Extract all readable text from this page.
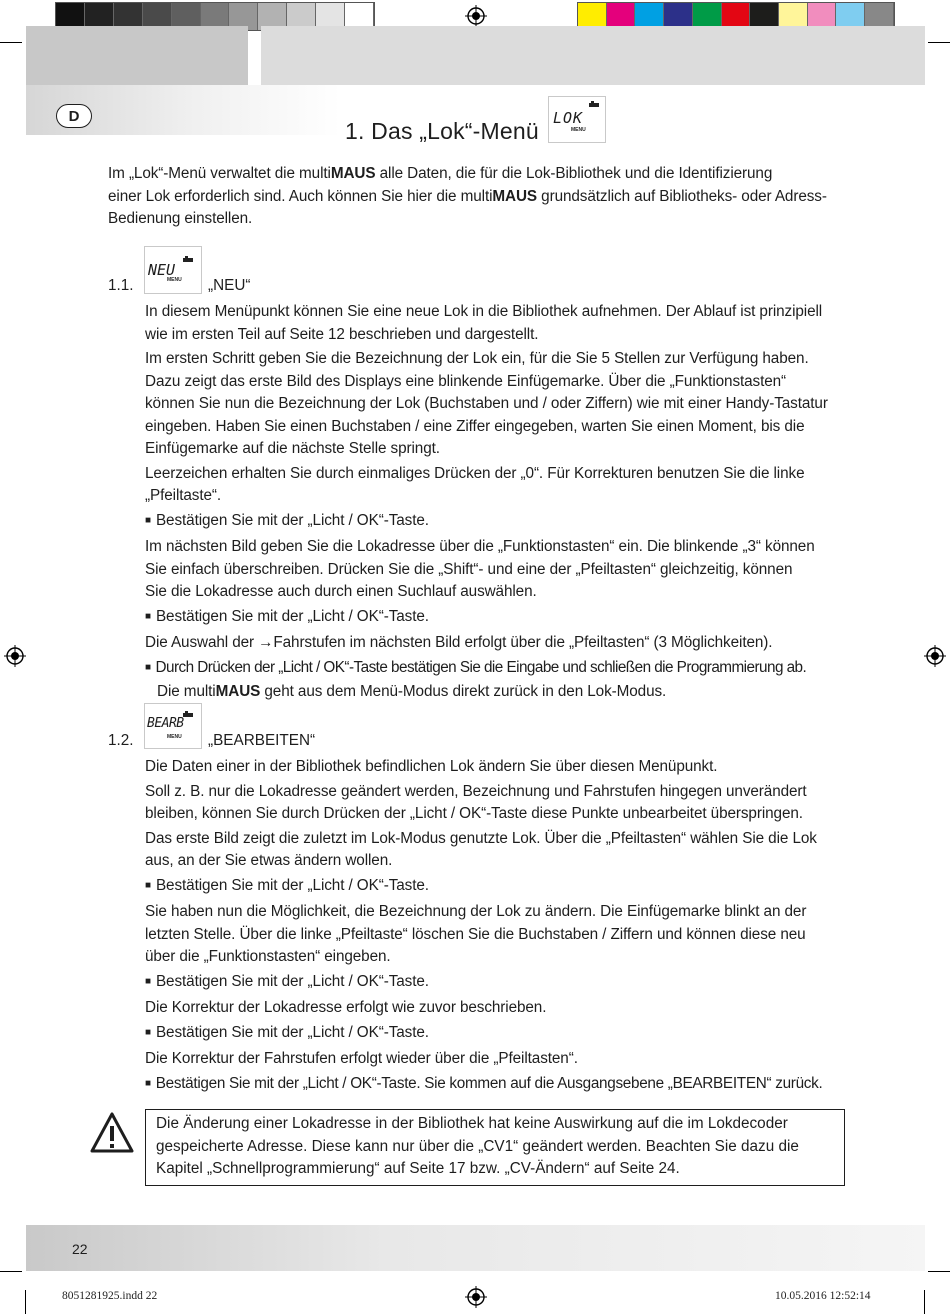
D
1. Das „Lok“-Menü LOK
MENU
Im „Lok“-Menü verwaltet die multiMAUS alle Daten, die für die Lok-Bibliothek und die Identifizierung
einer Lok erforderlich sind. Auch können Sie hier die multiMAUS grundsätzlich auf Bibliotheks- oder Adress-
Bedienung einstellen.
1.1.
NEU
MENU „NEU“
In diesem Menüpunkt können Sie eine neue Lok in die Bibliothek aufnehmen. Der Ablauf ist prinzipiell
wie im ersten Teil auf Seite 12 beschrieben und dargestellt.
Im ersten Schritt geben Sie die Bezeichnung der Lok ein, für die Sie 5 Stellen zur Verfügung haben.
Dazu zeigt das erste Bild des Displays eine blinkende Einfügemarke. Über die „Funktionstasten“
können Sie nun die Bezeichnung der Lok (Buchstaben und / oder Ziffern) wie mit einer Handy-Tastatur
eingeben. Haben Sie einen Buchstaben / eine Ziffer eingegeben, warten Sie einen Moment, bis die
Einfügemarke auf die nächste Stelle springt.
Leerzeichen erhalten Sie durch einmaliges Drücken der „0“. Für Korrekturen benutzen Sie die linke
„Pfeiltaste“.
■ Bestätigen Sie mit der „Licht / OK“-Taste.
Im nächsten Bild geben Sie die Lokadresse über die „Funktionstasten“ ein. Die blinkende „3“ können
Sie einfach überschreiben. Drücken Sie die „Shift“- und eine der „Pfeiltasten“ gleichzeitig, können
Sie die Lokadresse auch durch einen Suchlauf auswählen.
■ Bestätigen Sie mit der „Licht / OK“-Taste.
Die Auswahl der →Fahrstufen im nächsten Bild erfolgt über die „Pfeiltasten“ (3 Möglichkeiten).
■ Durch Drücken der „Licht / OK“-Taste bestätigen Sie die Eingabe und schließen die Programmierung ab.
Die multiMAUS geht aus dem Menü-Modus direkt zurück in den Lok-Modus.
1.2.
BEARB
MENU „BEARBEITEN“
Die Daten einer in der Bibliothek befindlichen Lok ändern Sie über diesen Menüpunkt.
Soll z. B. nur die Lokadresse geändert werden, Bezeichnung und Fahrstufen hingegen unverändert
bleiben, können Sie durch Drücken der „Licht / OK“-Taste diese Punkte unbearbeitet überspringen.
Das erste Bild zeigt die zuletzt im Lok-Modus genutzte Lok. Über die „Pfeiltasten“ wählen Sie die Lok
aus, an der Sie etwas ändern wollen.
■ Bestätigen Sie mit der „Licht / OK“-Taste.
Sie haben nun die Möglichkeit, die Bezeichnung der Lok zu ändern. Die Einfügemarke blinkt an der
letzten Stelle. Über die linke „Pfeiltaste“ löschen Sie die Buchstaben / Ziffern und können diese neu
über die „Funktionstasten“ eingeben.
■ Bestätigen Sie mit der „Licht / OK“-Taste.
Die Korrektur der Lokadresse erfolgt wie zuvor beschrieben.
■ Bestätigen Sie mit der „Licht / OK“-Taste.
Die Korrektur der Fahrstufen erfolgt wieder über die „Pfeiltasten“.
■ Bestätigen Sie mit der „Licht / OK“-Taste. Sie kommen auf die Ausgangsebene „BEARBEITEN“ zurück.
Die Änderung einer Lokadresse in der Bibliothek hat keine Auswirkung auf die im Lokdecoder
gespeicherte Adresse. Diese kann nur über die „CV1“ geändert werden. Beachten Sie dazu die
Kapitel „Schnellprogrammierung“ auf Seite 17 bzw. „CV-Ändern“ auf Seite 24.
22
8051281925.indd 22	10.05.2016 12:52:14
